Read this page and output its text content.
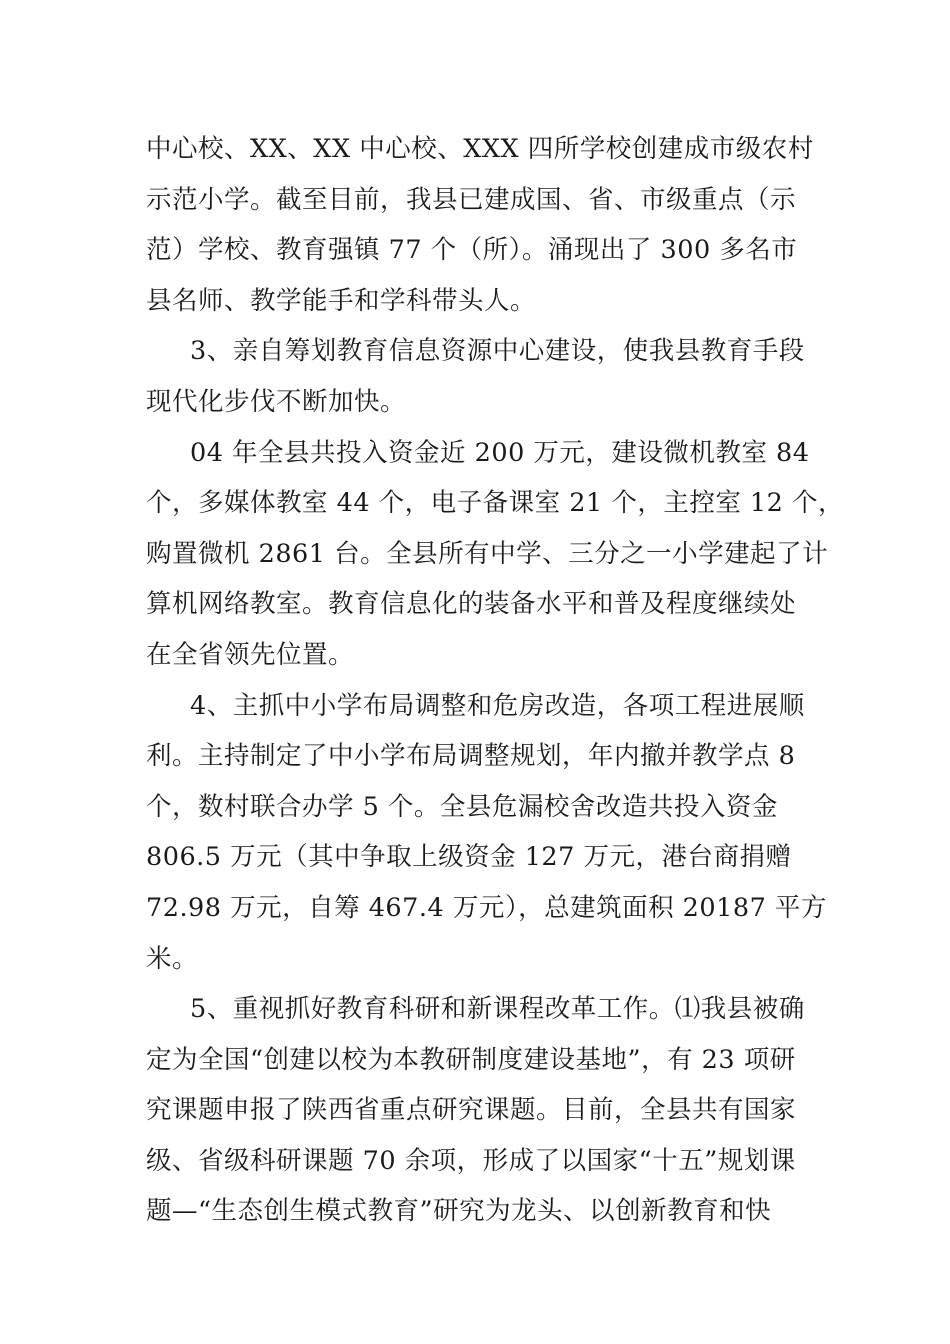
中心校、XX、XX 中心校、XXX 四所学校创建成市级农村
示范小学。截至目前，我县已建成国、省、市级重点（示
范）学校、教育强镇 77 个（所）。涌现出了 300 多名市
县名师、教学能手和学科带头人。
3、亲自筹划教育信息资源中心建设，使我县教育手段
现代化步伐不断加快。
04 年全县共投入资金近 200 万元，建设微机教室 84
个，多媒体教室 44 个，电子备课室 21 个，主控室 12 个，
购置微机 2861 台。全县所有中学、三分之一小学建起了计
算机网络教室。教育信息化的装备水平和普及程度继续处
在全省领先位置。
4、主抓中小学布局调整和危房改造，各项工程进展顺
利。主持制定了中小学布局调整规划，年内撤并教学点 8
个，数村联合办学 5 个。全县危漏校舍改造共投入资金
806.5 万元（其中争取上级资金 127 万元，港台商捐赠
72.98 万元，自筹 467.4 万元），总建筑面积 20187 平方
米。
5、重视抓好教育科研和新课程改革工作。⑴我县被确
定为全国“创建以校为本教研制度建设基地”，有 23 项研
究课题申报了陕西省重点研究课题。目前，全县共有国家
级、省级科研课题 70 余项，形成了以国家“十五”规划课
题—“生态创生模式教育”研究为龙头、以创新教育和快
